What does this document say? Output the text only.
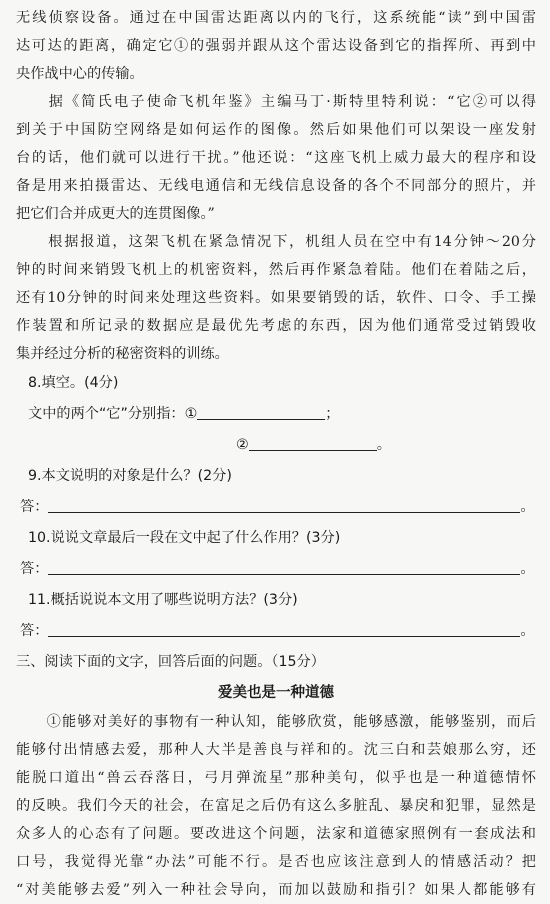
无线侦察设备。通过在中国雷达距离以内的飞行，这系统能“读”到中国雷
达可达的距离，确定它①的强弱并跟从这个雷达设备到它的指挥所、再到中
央作战中心的传输。
　　据《简氏电子使命飞机年鉴》主编马丁·斯特里特利说：“它②可以得
到关于中国防空网络是如何运作的图像。然后如果他们可以架设一座发射
台的话，他们就可以进行干扰。”他还说：“这座飞机上威力最大的程序和设
备是用来拍摄雷达、无线电通信和无线信息设备的各个不同部分的照片，并
把它们合并成更大的连贯图像。”
　　根据报道，这架飞机在紧急情况下，机组人员在空中有14分钟～20分
钟的时间来销毁飞机上的机密资料，然后再作紧急着陆。他们在着陆之后，
还有10分钟的时间来处理这些资料。如果要销毁的话，软件、口令、手工操
作装置和所记录的数据应是最优先考虑的东西，因为他们通常受过销毁收
集并经过分析的秘密资料的训练。
8.填空。(4分)
文中的两个“它”分别指：①	；
②	。
9.本文说明的对象是什么？(2分)
答：	。
10.说说文章最后一段在文中起了什么作用？(3分)
答：	。
11.概括说说本文用了哪些说明方法？(3分)
答：	。
三、阅读下面的文字，回答后面的问题。（15分）
爱美也是一种道德
　　①能够对美好的事物有一种认知，能够欣赏，能够感激，能够鉴别，而后
能够付出情感去爱，那种人大半是善良与祥和的。沈三白和芸娘那么穷，还
能脱口道出“兽云吞落日，弓月弹流星”那种美句，似乎也是一种道德情怀
的反映。我们今天的社会，在富足之后仍有这么多脏乱、暴戾和犯罪，显然是
众多人的心态有了问题。要改进这个问题，法家和道德家照例有一套成法和
口号，我觉得光靠“办法”可能不行。是否也应该注意到人的情感活动？把
“对美能够去爱”列入一种社会导向，而加以鼓励和指引？如果人都能够有
